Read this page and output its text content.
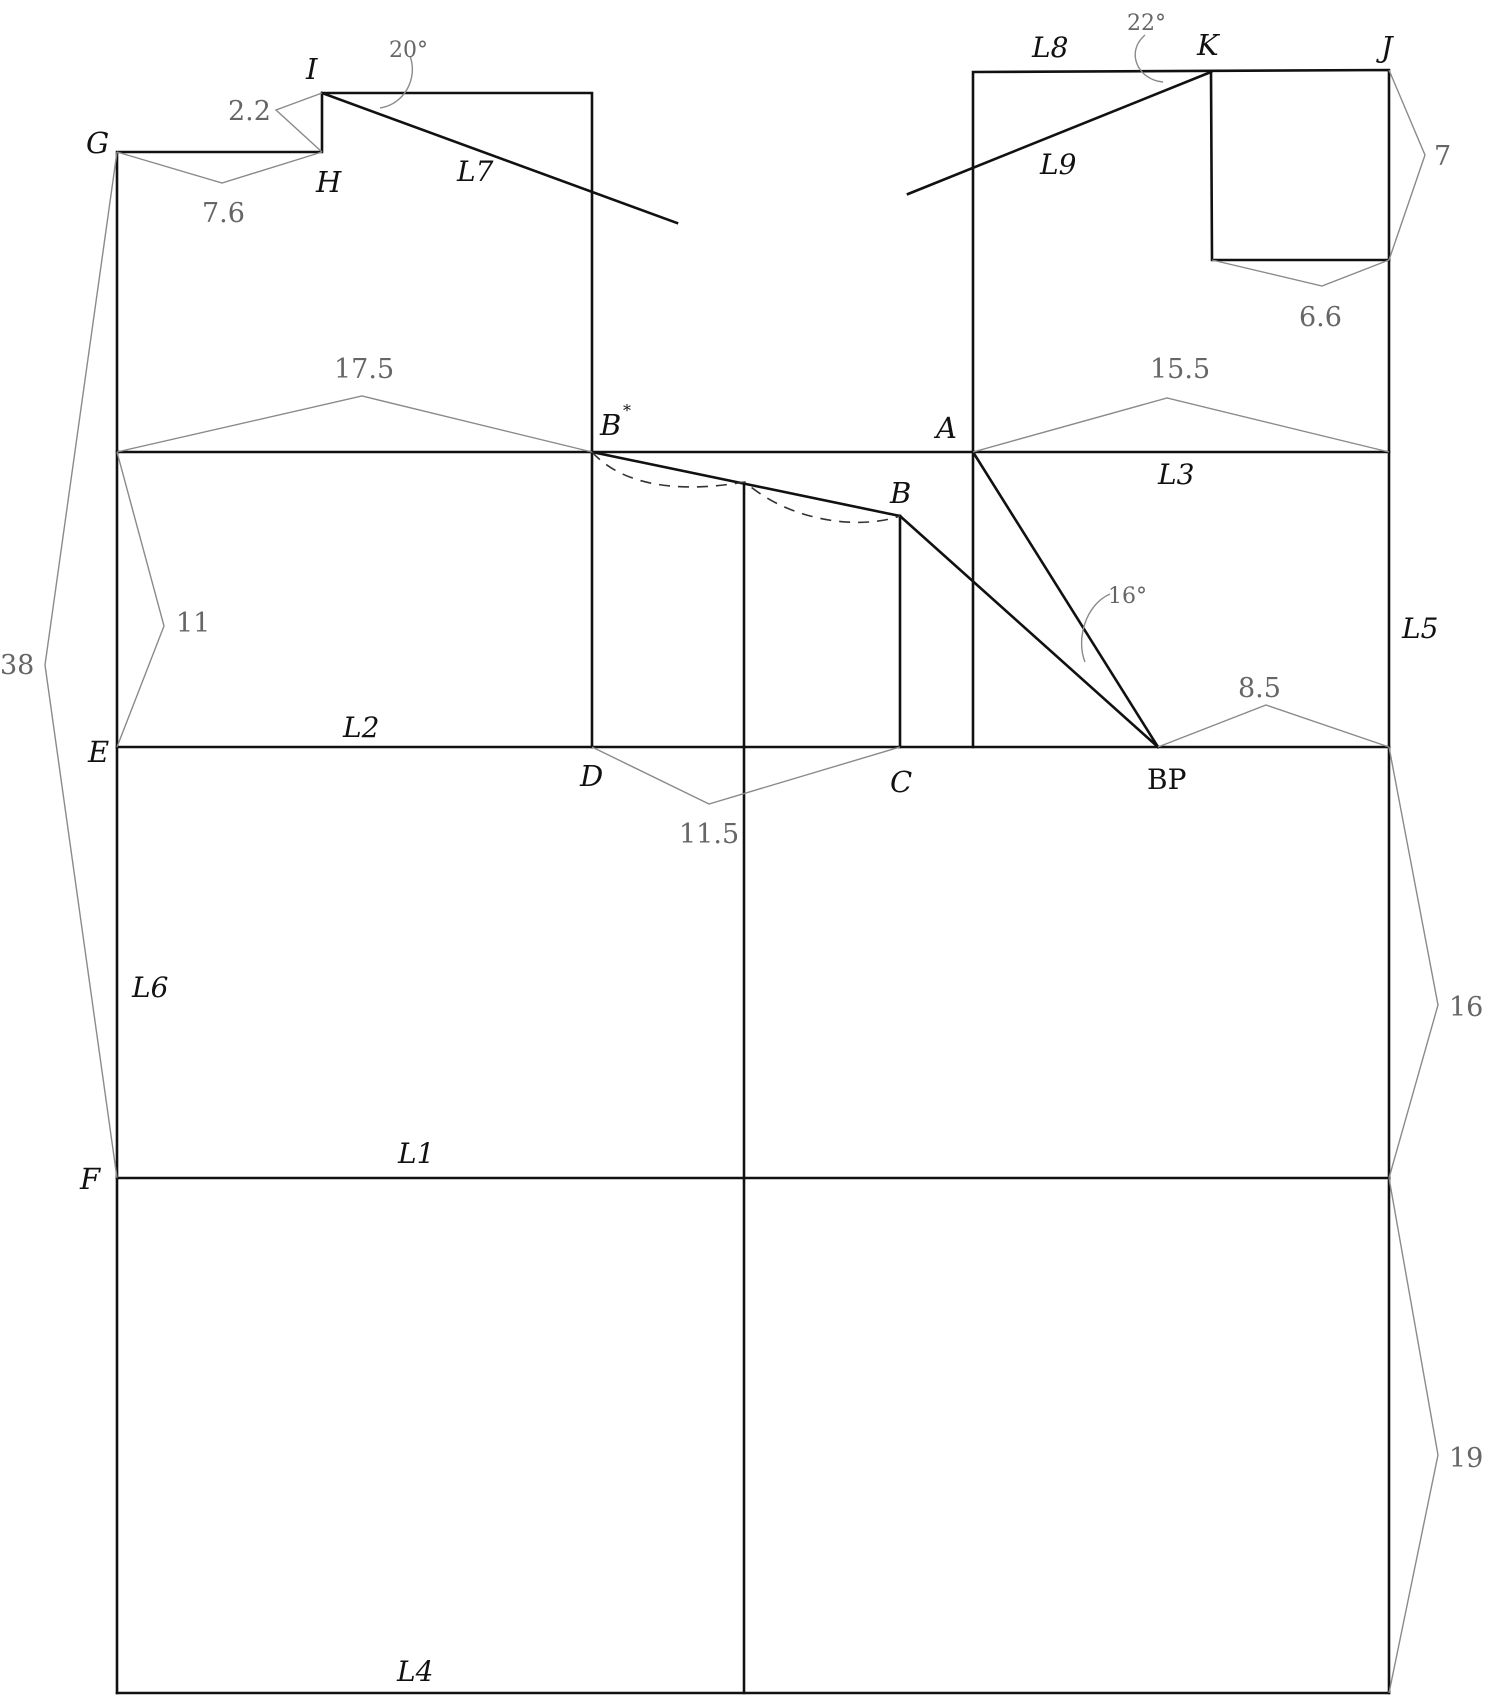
G
I
H
B *
A
B
E
D	C	BP
F
K	J
L1
L2
L3
L4
L5
L6
L7
L8
L9
7.6
2.2
17.5	15.5
11
38
11.5
8.5
7
6.6
16
19
20°
22°
16°
